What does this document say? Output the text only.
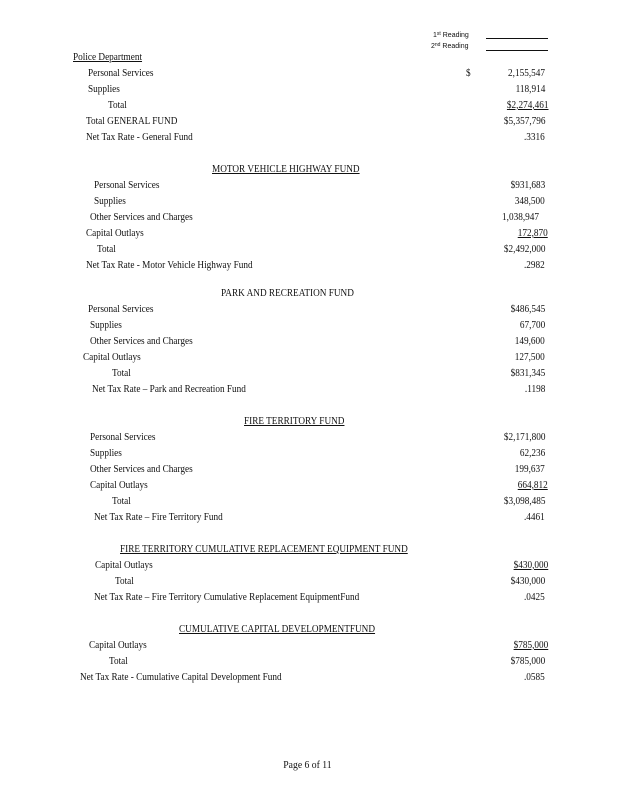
1st Reading
2nd Reading
Police Department
Personal Services	$	2,155,547
Supplies	118,914
Total	$2,274,461
Total GENERAL FUND	$5,357,796
Net Tax Rate - General Fund	.3316
MOTOR VEHICLE HIGHWAY FUND
Personal Services	$931,683
Supplies	348,500
Other Services and Charges	1,038,947
Capital Outlays	172,870
Total	$2,492,000
Net Tax Rate - Motor Vehicle Highway Fund	.2982
PARK AND RECREATION FUND
Personal Services	$486,545
Supplies	67,700
Other Services and Charges	149,600
Capital Outlays	127,500
Total	$831,345
Net Tax Rate – Park and Recreation Fund	.1198
FIRE TERRITORY FUND
Personal Services	$2,171,800
Supplies	62,236
Other Services and Charges	199,637
Capital Outlays	664,812
Total	$3,098,485
Net Tax Rate – Fire Territory Fund	.4461
FIRE TERRITORY CUMULATIVE REPLACEMENT EQUIPMENT FUND
Capital Outlays	$430,000
Total	$430,000
Net Tax Rate – Fire Territory Cumulative Replacement EquipmentFund	.0425
CUMULATIVE CAPITAL DEVELOPMENTFUND
Capital Outlays	$785,000
Total	$785,000
Net Tax Rate - Cumulative Capital Development Fund	.0585
Page 6 of 11
